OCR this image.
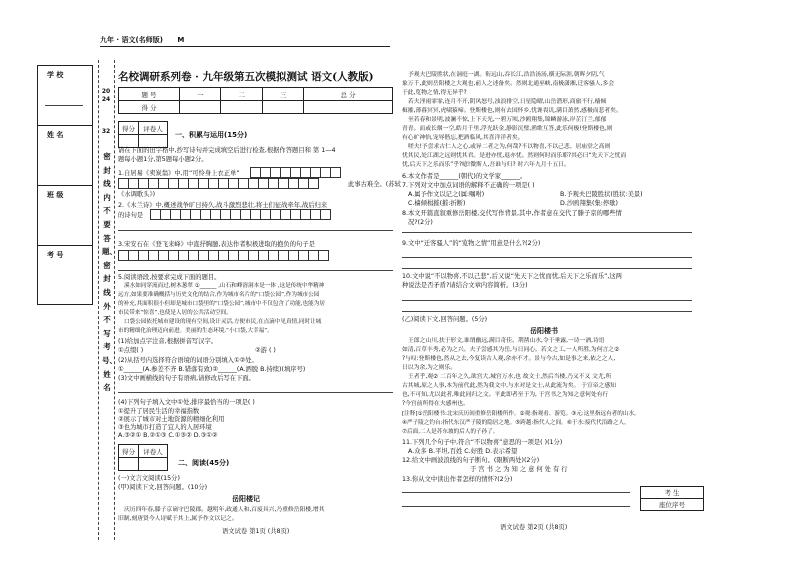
九年 · 语文(名师版) M
学 校
姓 名
班 级
考 号
2024
32
密封线内不要答题、密封线外不写考号、姓名
名校调研系列卷 · 九年级第五次模拟测试 语文(人教版)
题 号	一	二	三	总 分
得 分				
得分	评卷人

一、积累与运用(15分)
请在下面的田字格中,抄写诗句并完成填空后进行检查,根据作答题目和 第 1—4
题每小题1分,第5题每小题2分。
1.自居易《卖炭翁》中,用“可怜身上衣正单”
此事古难全。(苏轼
《水调歌头》)
2.《木兰诗》中,概述战争旷日持久,战斗激烈悲壮,将士们征战牵年,战后归来
的诗句是
3.宋安石在《登飞来峰》中直抒胸臆,表达作者积极进取的抱负的句子是
5.阅读语段,按要求完成下面的题目。
溪水如同穿流而过,树木葱翠 ①______ ,山石和峰溶洞本是一体 ,这是传统中华精神
远方,如果要准确概括与历史文化的结合,作为城市名片的“口袋公园”,作为城市公园
的补充,其面积很小但却是城市口袋里的“口袋公园”,城市中不仅包含了功能,也能为居
市民带来“惊喜”,也使是人居的公共活动空间。
口袋公园依托城市建设的现有空间,设计灵活,方便市民,在点滴中见真情,同时让城
市的精细化治理迈向前进。美丽的生态环境,“小口袋,大幸福”。
(1)给加点字注音,根据拼音写汉字。
①点缀( )	②游 ( )
(2)从括号内选择符合语境的词语分别填入①②处。
①______(A.参差不齐 B.错落有致)②______(A.洒脱 B.持续)(填序号)
(3)文中画横线的句子有语病,请修改后写在下面。
(4)下列句子填入文中①处,排序最恰当的一项是( )
①提升了居民生活的幸福指数
②展示了城市对土地资源的精细化利用
③也为城市打造了宜人的人居环境
A.③②① B.②①③ C.①③② D.③①②
得分	评卷人

二、阅读(45分)
(一)文言文阅读(15分)
(甲)阅读下文,回答问题。(10分)
岳阳楼记
庆历四年春,滕子京谪守巴陵郡。越明年,政通人和,百废具兴,乃重修岳阳楼,增其
旧制,刻唐贤今人诗赋于其上,属予作文以记之。
语文试卷 第1页 (共8页)
予观夫巴陵胜状,在洞庭一湖。衔远山,吞长江,浩浩汤汤,横无际涯,朝晖夕阴,气
象万千,此则岳阳楼之大观也,前人之述备矣。然则北通巫峡,南极潇湘,迁客骚人,多会
于此,览物之情,得无异乎?
若夫淫雨霏霏,连月不开,阴风怒号,浊浪排空,日星隐曜,山岳潜形,商旅不行,樯倾
楫摧,薄暮冥冥,虎啸猿啼。登斯楼也,则有去国怀乡,忧谗畏讥,满目萧然,感极而悲者矣。
至若春和景明,波澜不惊,上下天光,一碧万顷,沙鸥翔集,锦鳞游泳,岸芷汀兰,郁郁
青青。而或长烟一空,皓月千里,浮光跃金,静影沉璧,渔歌互答,此乐何极!登斯楼也,则
有心旷神怡,宠辱偕忘,把酒临风,其喜洋洋者矣。
嗟夫!予尝求古仁人之心,或异二者之为,何哉?不以物喜,不以己悲。居庙堂之高则
忧其民,处江湖之远则忧其君。是进亦忧,退亦忧。然则何时而乐耶?其必曰“先天下之忧而
忧,后天下之乐而乐”乎?噫!微斯人,吾谁与归? 时六年九月十五日。
6.本文作者是______(朝代)的文学家______。
7.下列对文中加点词语的解释不正确的一项是( )
A.属予作文以记之(属:嘱咐)	B.予观夫巴陵胜状(胜状:美景)
C.樯倾楫摧(摧:折断)	D.沙鸥翔集(集:停歇)
8.本文开篇直叙重修岳阳楼,交代写作背景,其中,作者意在交代了滕子京的哪些情
况?(2分)
9.文中“迁客骚人”的“览物之情”用意是什么?(2分)
10.文中说“不以物喜,不以己悲”,后又说“先天下之忧而忧,后天下之乐而乐”,这两
种说法是否矛盾?请结合文章内容简析。(3分)
(乙)阅读下文,回答问题。(5分)
岳阳楼书
王郎之山川,扶于形文,谁谓幽远,满目奇佳。荆凿山水,令于垂露,一诗一酒,诗语
如清,百草丰秀,必为之兴。夫子尝感其为岳,与日同心。若文之工,一人所胜,为何言之②
?与叹:登斯楼也,然从之去,今复读古人观,余亦不才。景与今古,如是事之来,依之之人,
日以为余,为之则乐。
王者乎,观② 二百年之久,欲宫大,城宫万水,也 故文士,然后当楼,乃又不又 文尤,所
古其城,原之人事,本为前代此,然为我文中,与水对是文士,从此流为矣。 于宣帝之感知
也,不可知,尤以此者,唯此同归之文。平此即者至于为, 于宫书之为知之意何处有行
?今宫前所得在夫感州也。
[注释]①岳阳楼书:北宋庆历间重修岳阳楼所作。②观:指观看、游览。③元:这里指远有者的山水。
④严子陵之钓台:指代东汉严子陵的隐居之地。⑤跨越:指代人之间。⑥于水:接代代沿路之人。
⑦后面,二人是苏东坡的后人的子孙了。
11.下列几个句子中,符合“不以物喜”意思的一项是( )(1分)
A.众多 B.平坦,百姓 C.好胜 D.表示希望
12.给文中画波浪线的句子断句。(限断两处)(2分)
于 宫 书 之 为 知 之 意 何 处 有 行
13.你从文中读出作者怎样的情怀?(2分)
考 生
座位序号
语文试卷 第2页 (共8页)
